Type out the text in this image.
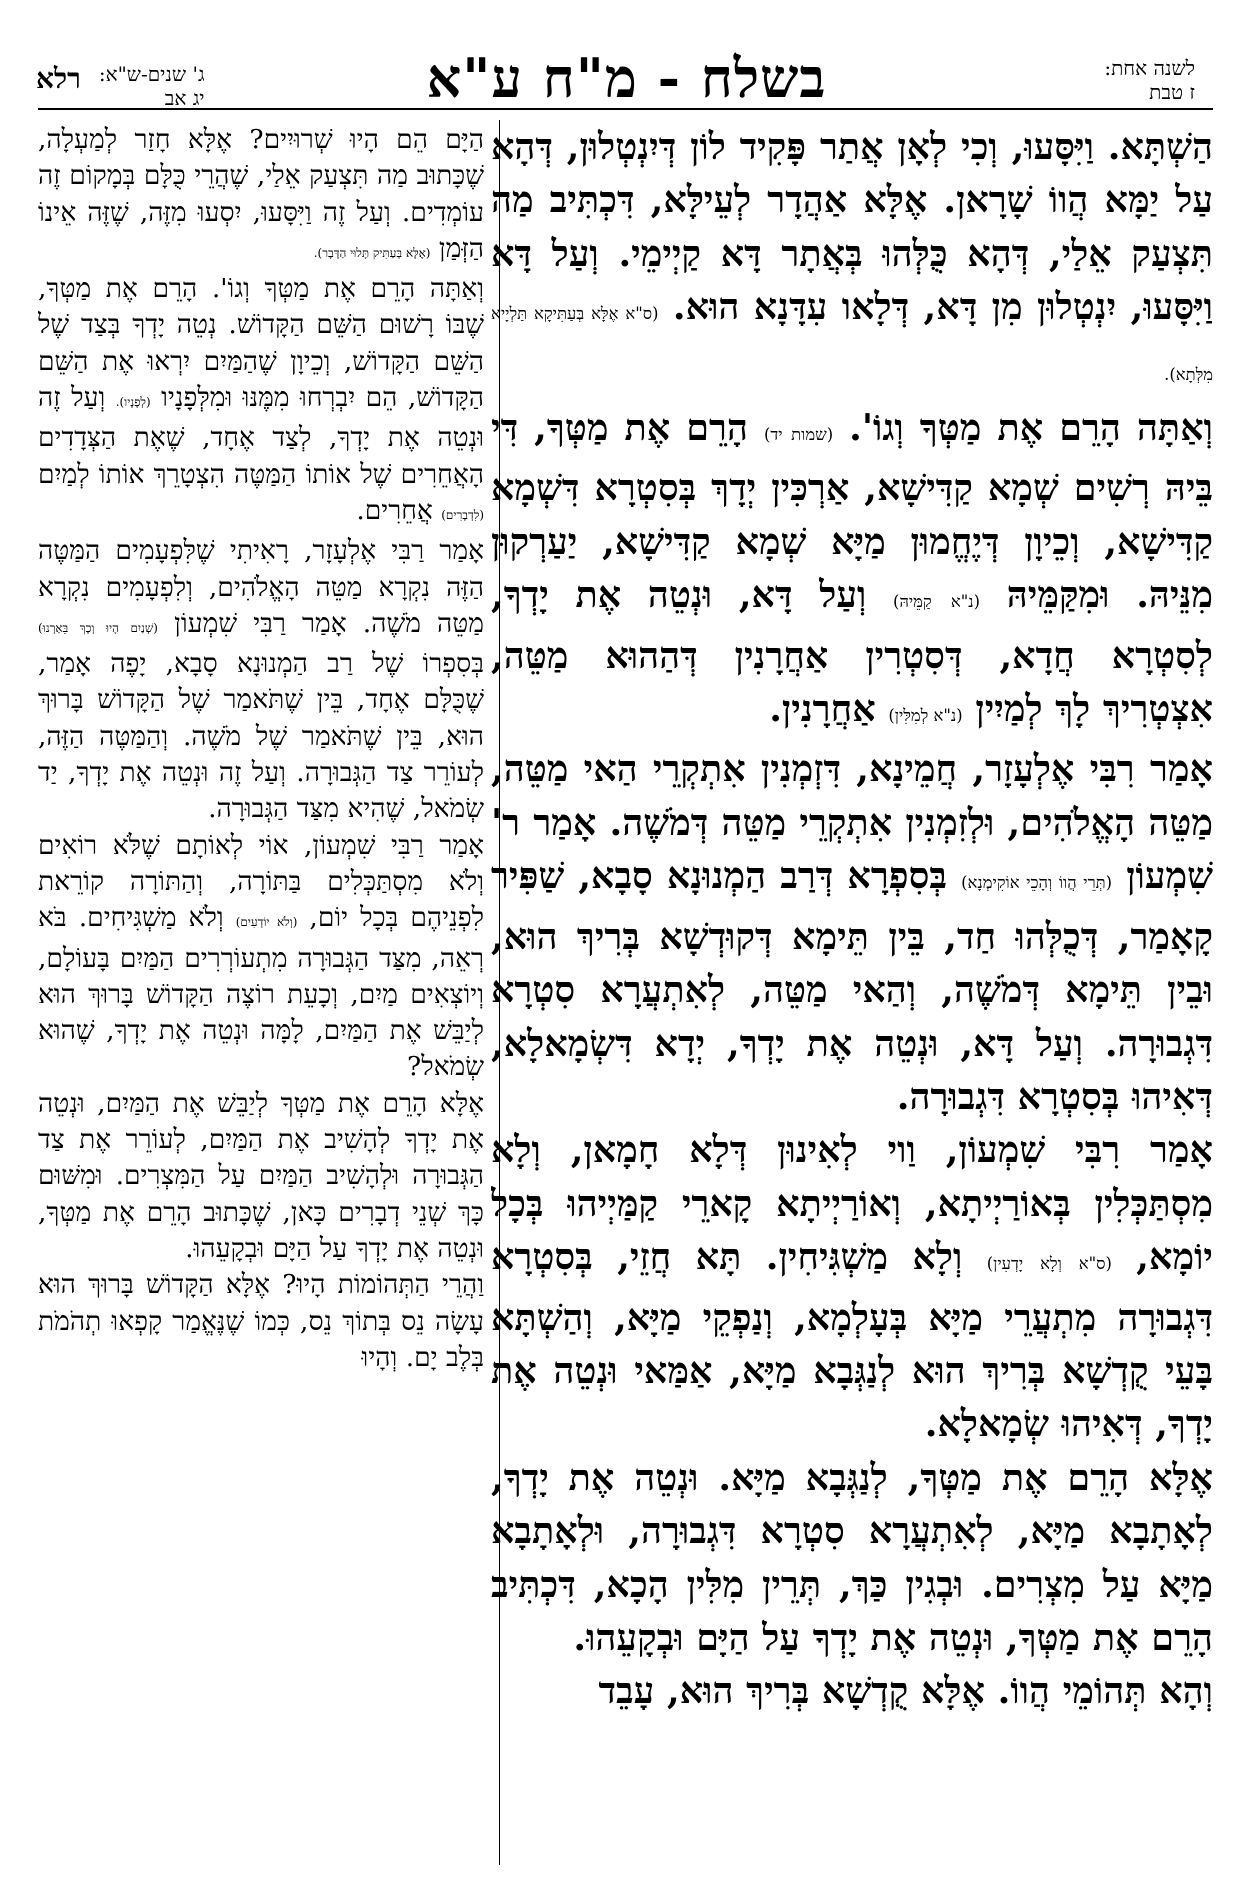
לשנה אחת:
ז טבת
בשלח - מ"ח ע"א
ג' שנים-ש"א:
יג אב
רלא

הַשְׁתָּא. וַיִּסָּעוּ, וְכִי לְאָן אֲתַר פָּקִיד לוֹן דְּיִנְטְלוּן, דְּהָא עַל יַמָּא הֲווֹ שָׁרָאן. אֶלָּא אַהֲדָר לְעֵילָּא, דִּכְתִּיב מַה תִּצְעַק אֵלַי, דְּהָא כֻּלְּהוּ בְּאֲתָר דָּא קַיְימֵי. וְעַל דָּא וַיִּסָּעוּ, יִנְטְלוּן מִן דָּא, דְּלָאו עִדָּנָא הוּא. (ס"א אֶלָּא בְּעַתִּיקָא תַּלְיָיא מִלְּתָא).

וְאַתָּה הָרֵם אֶת מַטְּךָ וְגוֹ'. (שמות יד) הָרֵם אֶת מַטְּךָ, דִּי בֵּיהּ רְשִׁים שְׁמָא קַדִּישָׁא, אַרְכִּין יְדָךְ בְּסִטְרָא דִּשְׁמָא קַדִּישָׁא, וְכֵיוָן דְּיֶחֱמוּן מַיָּא שְׁמָא קַדִּישָׁא, יַעַרְקוּן מִנֵּיהּ. וּמִקַּמֵּיהּ (נ"א קַמֵּיהּ) וְעַל דָּא, וּנְטֵה אֶת יָדְךָ, לְסִטְרָא חֲדָא, דְּסִטְרִין אַחֲרָנִין דְּהַהוּא מַטֵּה, אִצְטְרִיךְ לָךְ לְמַיִין (נ"א לְמִלִּין) אַחֲרָנִין.

אָמַר רִבִּי אֶלְעָזָר, חֲמֵינָא, דִּזְמְנִין אִתְקְרֵי הַאי מַטֵּה, מַטֵּה הָאֱלֹהִים, וּלְזִמְנִין אִתְקְרֵי מַטֵּה דְּמֹשֶׁה. אָמַר ר' שִׁמְעוֹן (תְּרֵי הֲווֹ וְהָכֵי אוֹקִימְנָא) בְּסִפְרָא דְּרַב הַמְנוּנָא סָבָא, שַׁפִּיר קָאָמַר, דְּכֻלְּהוּ חַד, בֵּין תֵּימָא דְּקוּדְשָׁא בְּרִיךְ הוּא, וּבֵין תֵּימָא דְּמֹשֶׁה, וְהַאי מַטֵּה, לְאִתְעֲרָא סִטְרָא דִּגְבוּרָה. וְעַל דָּא, וּנְטֵה אֶת יָדְךָ, יְדָא דִּשְׂמָאלָא, דְּאִיהוּ בְּסִטְרָא דִּגְבוּרָה.

אָמַר רִבִּי שִׁמְעוֹן, וַוי לְאִינוּן דְּלָא חָמָאן, וְלָא מִסְתַּכְּלִין בְּאוֹרַיְיתָא, וְאוֹרַיְיתָא קָארֵי קַמַּיְיהוּ בְּכָל יוֹמָא, (ס"א וְלָא יָדְעִין) וְלָא מַשְׁגִּיחִין. תָּא חֲזֵי, בְּסִטְרָא דִּגְבוּרָה מִתְעֲרֵי מַיָּא בְּעָלְמָא, וְנַפְקֵי מַיָּא, וְהַשְׁתָּא בָּעֵי קֻדְשָׁא בְּרִיךְ הוּא לְנַגְּבָא מַיָּא, אַמַּאי וּנְטֵה אֶת יָדְךָ, דְּאִיהוּ שְׂמָאלָא.

אֶלָּא הָרֵם אֶת מַטְּךָ, לְנַגְּבָא מַיָּא. וּנְטֵה אֶת יָדְךָ, לְאָתָבָא מַיָּא, לְאִתְעֲרָא סִטְרָא דִּגְבוּרָה, וּלְאָתָבָא מַיָּא עַל מִצְרִים. וּבְגִין כַּךְ, תְּרֵין מִלִּין הָכָא, דִּכְתִּיב הָרֵם אֶת מַטְּךָ, וּנְטֵה אֶת יָדְךָ עַל הַיָּם וּבְקָעֵהוּ.

וְהָא תְּהוֹמֵי הֲווֹ. אֶלָּא קֻדְשָׁא בְּרִיךְ הוּא, עָבֵד

הַיָּם הֵם הָיוּ שְׁרוּיִים? אֶלָּא חָזַר לְמַעְלָה, שֶׁכָּתוּב מַה תִּצְעַק אֵלַי, שֶׁהֲרֵי כֻּלָּם בְּמָקוֹם זֶה עוֹמְדִים. וְעַל זֶה וַיִּסָּעוּ, יִסְעוּ מִזֶּה, שֶׁזֶּה אֵינוֹ הַזְּמַן (אֶלָּא בְּעַתִּיק תָּלוּי הַדָּבָר).

וְאַתָּה הָרֵם אֶת מַטְּךָ וְגוֹ'. הָרֵם אֶת מַטְּךָ, שֶׁבּוֹ רָשׁוּם הַשֵּׁם הַקָּדוֹשׁ. נְטֵה יָדְךָ בְּצַד שֶׁל הַשֵּׁם הַקָּדוֹשׁ, וְכֵיוָן שֶׁהַמַּיִם יִרְאוּ אֶת הַשֵּׁם הַקָּדוֹשׁ, הֵם יִבְרְחוּ מִמֶּנּוּ וּמִלְּפָנָיו (לְפָנָיו). וְעַל זֶה וּנְטֵה אֶת יָדְךָ, לְצַד אֶחָד, שֶׁאֶת הַצְּדָדִים הָאֲחֵרִים שֶׁל אוֹתוֹ הַמַּטֶּה הִצְטָרֵךְ אוֹתוֹ לְמַיִם (לִדְבָרִים) אֲחֵרִים.

אָמַר רַבִּי אֶלְעָזָר, רָאִיתִי שֶׁלִּפְעָמִים הַמַּטֶּה הַזֶּה נִקְרָא מַטֵּה הָאֱלֹהִים, וְלִפְעָמִים נִקְרָא מַטֵּה מֹשֶׁה. אָמַר רַבִּי שִׁמְעוֹן (שְׁנַיִם הָיוּ וְכָךְ בֵּאַרְנוּ) בְּסִפְרוֹ שֶׁל רַב הַמְנוּנָא סָבָא, יָפֶה אָמַר, שֶׁכֻּלָּם אֶחָד, בֵּין שֶׁתֹּאמַר שֶׁל הַקָּדוֹשׁ בָּרוּךְ הוּא, בֵּין שֶׁתֹּאמַר שֶׁל מֹשֶׁה. וְהַמַּטֶּה הַזֶּה, לְעוֹרֵר צַד הַגְּבוּרָה. וְעַל זֶה וּנְטֵה אֶת יָדְךָ, יַד שְׂמֹאל, שֶׁהִיא מִצַּד הַגְּבוּרָה.

אָמַר רַבִּי שִׁמְעוֹן, אוֹי לְאוֹתָם שֶׁלֹּא רוֹאִים וְלֹא מִסְתַּכְּלִים בַּתּוֹרָה, וְהַתּוֹרָה קוֹרֵאת לִפְנֵיהֶם בְּכָל יוֹם, (וְלֹא יוֹדְעִים) וְלֹא מַשְׁגִּיחִים. בֹּא רְאֵה, מִצַּד הַגְּבוּרָה מִתְעוֹרְרִים הַמַּיִם בָּעוֹלָם, וְיוֹצְאִים מַיִם, וְכָעֵת רוֹצֶה הַקָּדוֹשׁ בָּרוּךְ הוּא לְיַבֵּשׁ אֶת הַמַּיִם, לָמָּה וּנְטֵה אֶת יָדְךָ, שֶׁהוּא שְׂמֹאל?

אֶלָּא הָרֵם אֶת מַטְּךָ לְיַבֵּשׁ אֶת הַמַּיִם, וּנְטֵה אֶת יָדְךָ לְהָשִׁיב אֶת הַמַּיִם, לְעוֹרֵר אֶת צַד הַגְּבוּרָה וּלְהָשִׁיב הַמַּיִם עַל הַמִּצְרִים. וּמִשּׁוּם כָּךְ שְׁנֵי דְבָרִים כָּאן, שֶׁכָּתוּב הָרֵם אֶת מַטְּךָ, וּנְטֵה אֶת יָדְךָ עַל הַיָּם וּבְקָעֵהוּ.

וַהֲרֵי הַתְּהוֹמוֹת הָיוּ? אֶלָּא הַקָּדוֹשׁ בָּרוּךְ הוּא עָשָׂה נֵס בְּתוֹךְ נֵס, כְּמוֹ שֶׁנֶּאֱמַר קָפְאוּ תְהֹמֹת בְּלֶב יָם. וְהָיוּ
